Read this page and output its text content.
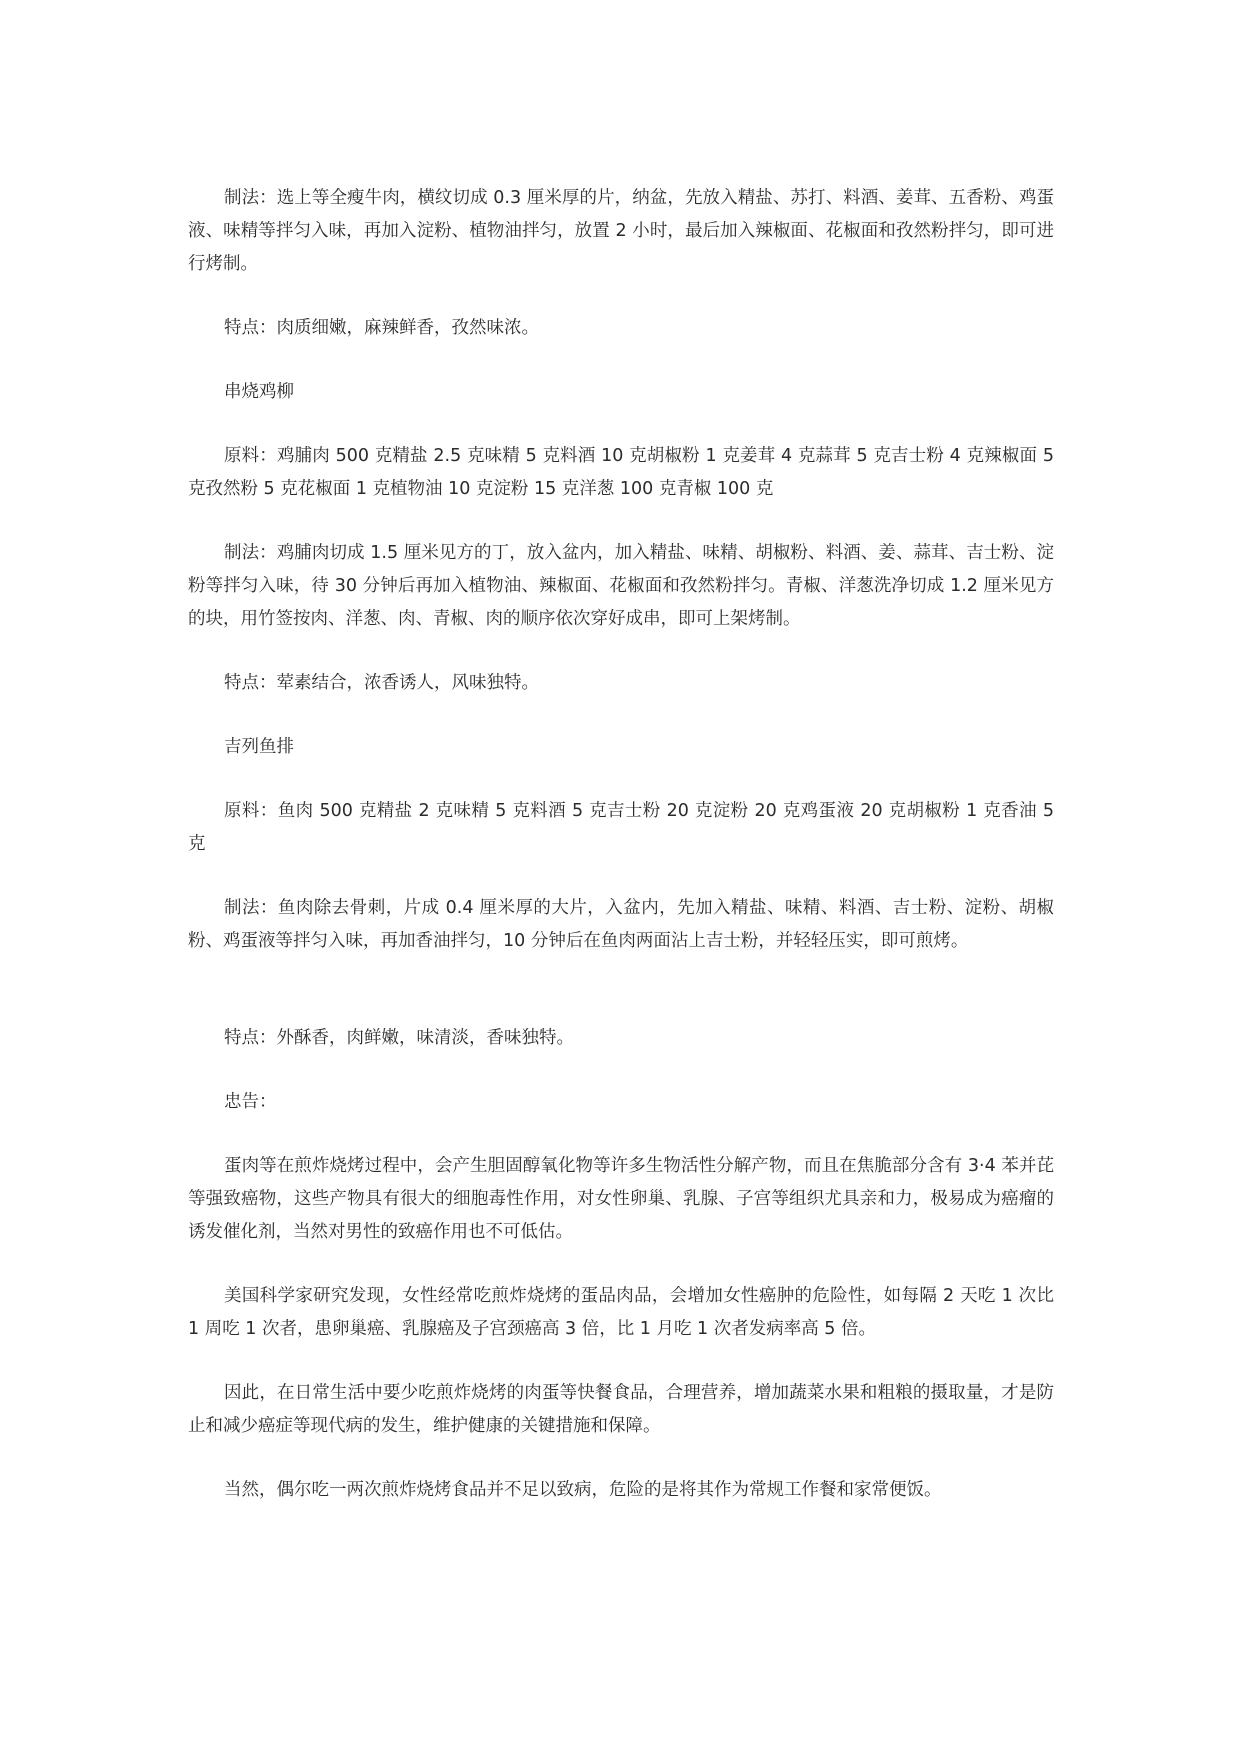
制法：选上等全瘦牛肉，横纹切成 0.3 厘米厚的片，纳盆，先放入精盐、苏打、料酒、姜茸、五香粉、鸡蛋液、味精等拌匀入味，再加入淀粉、植物油拌匀，放置 2 小时，最后加入辣椒面、花椒面和孜然粉拌匀，即可进行烤制。

特点：肉质细嫩，麻辣鲜香，孜然味浓。

串烧鸡柳

原料：鸡脯肉 500 克精盐 2.5 克味精 5 克料酒 10 克胡椒粉 1 克姜茸 4 克蒜茸 5 克吉士粉 4 克辣椒面 5 克孜然粉 5 克花椒面 1 克植物油 10 克淀粉 15 克洋葱 100 克青椒 100 克

制法：鸡脯肉切成 1.5 厘米见方的丁，放入盆内，加入精盐、味精、胡椒粉、料酒、姜、蒜茸、吉士粉、淀粉等拌匀入味，待 30 分钟后再加入植物油、辣椒面、花椒面和孜然粉拌匀。青椒、洋葱洗净切成 1.2 厘米见方的块，用竹签按肉、洋葱、肉、青椒、肉的顺序依次穿好成串，即可上架烤制。

特点：荤素结合，浓香诱人，风味独特。

吉列鱼排

原料：鱼肉 500 克精盐 2 克味精 5 克料酒 5 克吉士粉 20 克淀粉 20 克鸡蛋液 20 克胡椒粉 1 克香油 5 克

制法：鱼肉除去骨刺，片成 0.4 厘米厚的大片，入盆内，先加入精盐、味精、料酒、吉士粉、淀粉、胡椒粉、鸡蛋液等拌匀入味，再加香油拌匀，10 分钟后在鱼肉两面沾上吉士粉，并轻轻压实，即可煎烤。

特点：外酥香，肉鲜嫩，味清淡，香味独特。

忠告：

蛋肉等在煎炸烧烤过程中，会产生胆固醇氧化物等许多生物活性分解产物，而且在焦脆部分含有 3·4 苯并芘等强致癌物，这些产物具有很大的细胞毒性作用，对女性卵巢、乳腺、子宫等组织尤具亲和力，极易成为癌瘤的诱发催化剂，当然对男性的致癌作用也不可低估。

美国科学家研究发现，女性经常吃煎炸烧烤的蛋品肉品，会增加女性癌肿的危险性，如每隔 2 天吃 1 次比 1 周吃 1 次者，患卵巢癌、乳腺癌及子宫颈癌高 3 倍，比 1 月吃 1 次者发病率高 5 倍。

因此，在日常生活中要少吃煎炸烧烤的肉蛋等快餐食品，合理营养，增加蔬菜水果和粗粮的摄取量，才是防止和减少癌症等现代病的发生，维护健康的关键措施和保障。

当然，偶尔吃一两次煎炸烧烤食品并不足以致病，危险的是将其作为常规工作餐和家常便饭。
